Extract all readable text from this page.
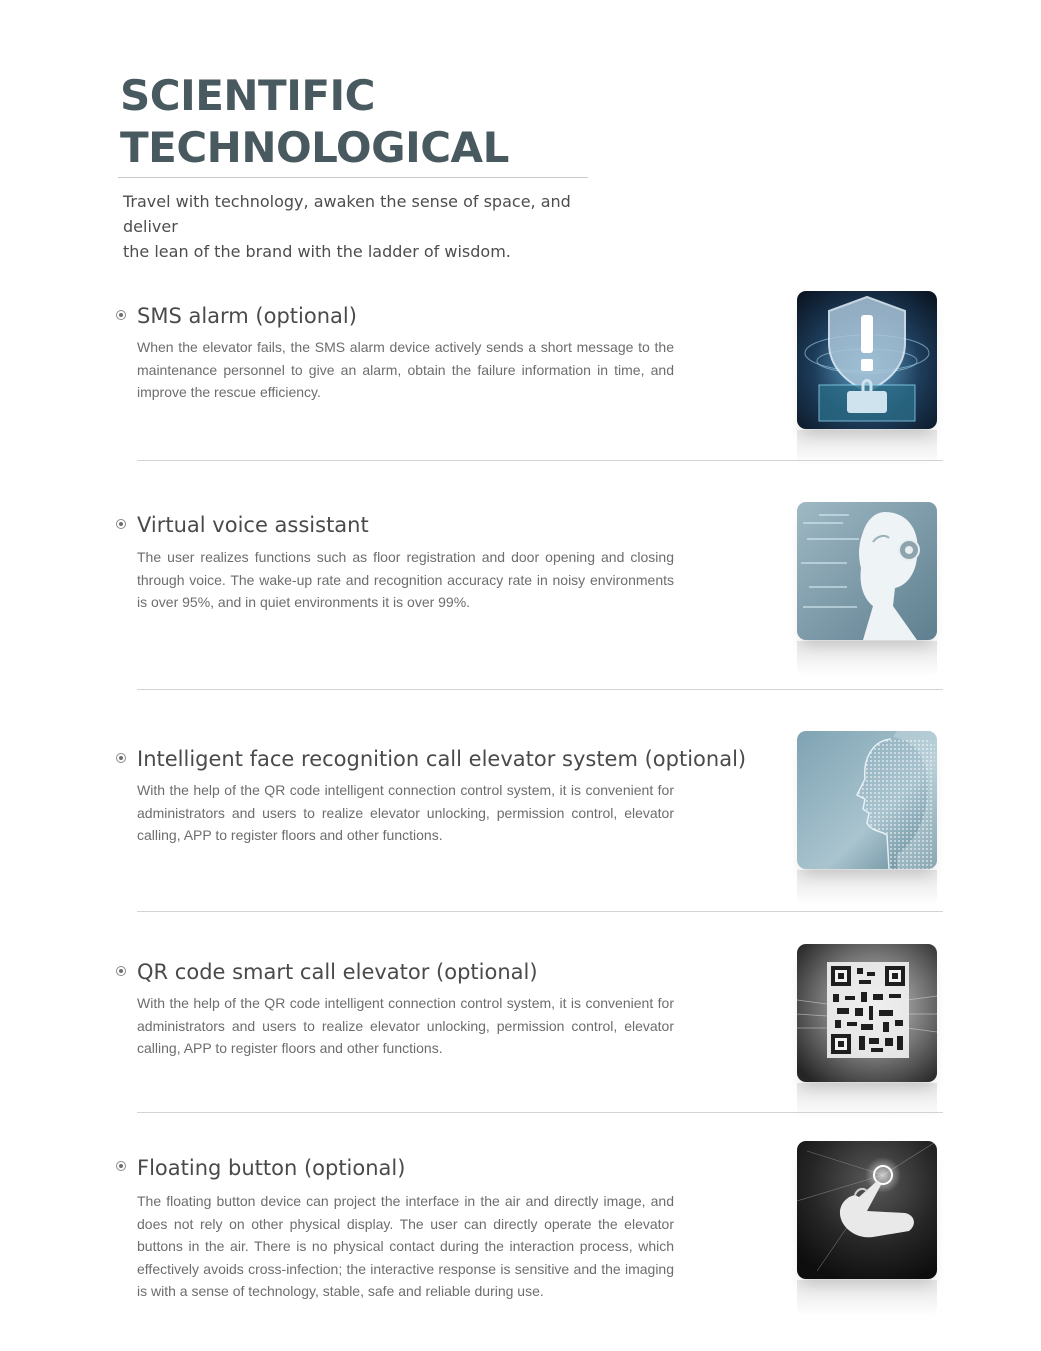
SCIENTIFIC
TECHNOLOGICAL
Travel with technology, awaken the sense of space, and deliver
the lean of the brand with the ladder of wisdom.
SMS alarm (optional)
When the elevator fails, the SMS alarm device actively sends a short message to the maintenance personnel to give an alarm, obtain the failure information in time, and improve the rescue efficiency.
Virtual voice assistant
The user realizes functions such as floor registration and door opening and closing through voice. The wake-up rate and recognition accuracy rate in noisy environments is over 95%, and in quiet environments it is over 99%.
Intelligent face recognition call elevator system (optional)
With the help of the QR code intelligent connection control system, it is convenient for administrators and users to realize elevator unlocking, permission control, elevator calling, APP to register floors and other functions.
QR code smart call elevator (optional)
With the help of the QR code intelligent connection control system, it is convenient for administrators and users to realize elevator unlocking, permission control, elevator calling, APP to register floors and other functions.
Floating button (optional)
The floating button device can project the interface in the air and directly image, and does not rely on other physical display. The user can directly operate the elevator buttons in the air. There is no physical contact during the interaction process, which effectively avoids cross-infection; the interactive response is sensitive and the imaging is with a sense of technology, stable, safe and reliable during use.
